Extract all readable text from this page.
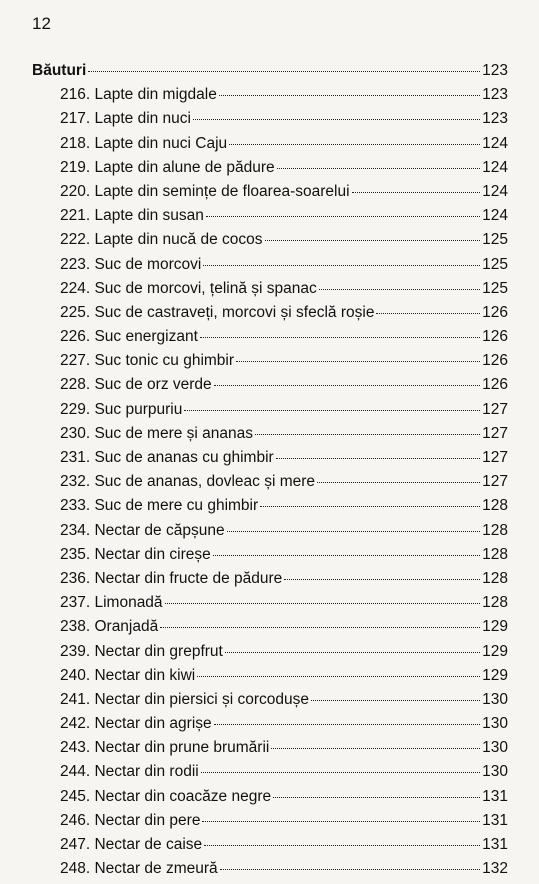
12
Băuturi	123
216. Lapte din migdale	123
217. Lapte din nuci	123
218. Lapte din nuci Caju	124
219. Lapte din alune de pădure	124
220. Lapte din semințe de floarea-soarelui	124
221. Lapte din susan	124
222. Lapte din nucă de cocos	125
223. Suc de morcovi	125
224. Suc de morcovi, țelină și spanac	125
225. Suc de castraveți, morcovi și sfeclă roșie	126
226. Suc energizant	126
227. Suc tonic cu ghimbir	126
228. Suc de orz verde	126
229. Suc purpuriu	127
230. Suc de mere și ananas	127
231. Suc de ananas cu ghimbir	127
232. Suc de ananas, dovleac și mere	127
233. Suc de mere cu ghimbir	128
234. Nectar de căpșune	128
235. Nectar din cireșe	128
236. Nectar din fructe de pădure	128
237. Limonadă	128
238. Oranjadă	129
239. Nectar din grepfrut	129
240. Nectar din kiwi	129
241. Nectar din piersici și corcodușe	130
242. Nectar din agrișe	130
243. Nectar din prune brumării	130
244. Nectar din rodii	130
245. Nectar din coacăze negre	131
246. Nectar din pere	131
247. Nectar de caise	131
248. Nectar de zmeură	132
